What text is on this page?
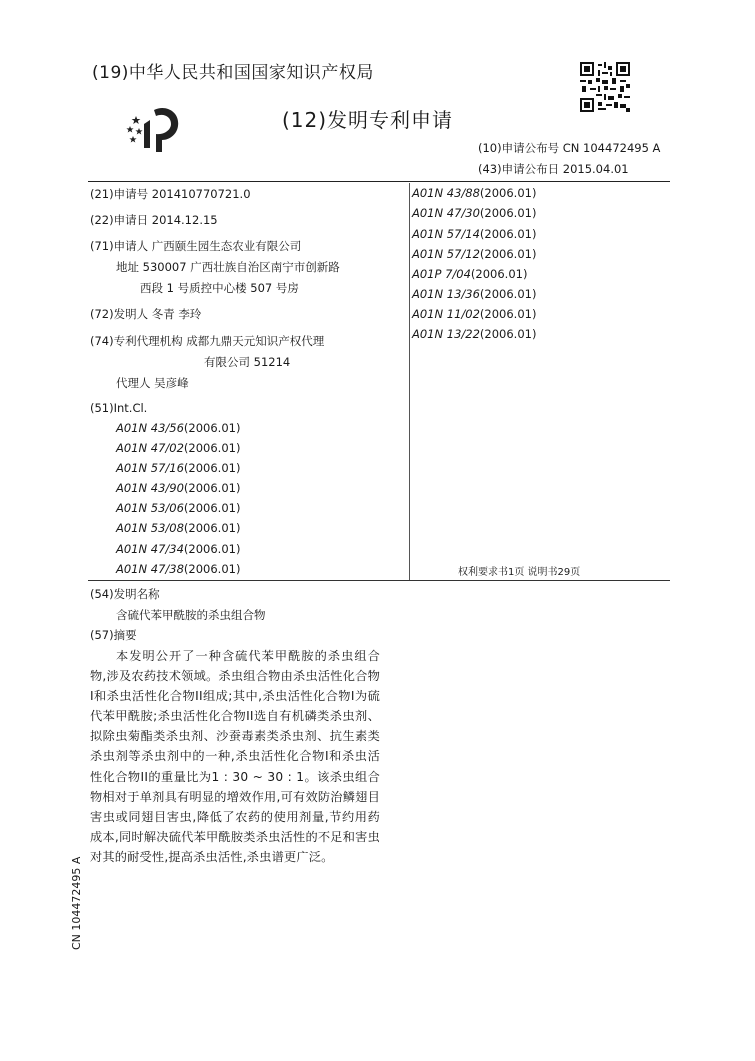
(19)中华人民共和国国家知识产权局
(12)发明专利申请
(10)申请公布号 CN 104472495 A
(43)申请公布日 2015.04.01
(21)申请号 201410770721.0
(22)申请日 2014.12.15
(71)申请人 广西颐生园生态农业有限公司
地址 530007 广西壮族自治区南宁市创新路
西段 1 号质控中心楼 507 号房
(72)发明人 冬青 李玲
(74)专利代理机构 成都九鼎天元知识产权代理
有限公司 51214
代理人 吴彦峰
(51)Int.Cl.
A01N 43/56(2006.01)
A01N 47/02(2006.01)
A01N 57/16(2006.01)
A01N 43/90(2006.01)
A01N 53/06(2006.01)
A01N 53/08(2006.01)
A01N 47/34(2006.01)
A01N 47/38(2006.01)
A01N 43/88(2006.01)
A01N 47/30(2006.01)
A01N 57/14(2006.01)
A01N 57/12(2006.01)
A01P 7/04(2006.01)
A01N 13/36(2006.01)
A01N 11/02(2006.01)
A01N 13/22(2006.01)
权利要求书1页 说明书29页
(54)发明名称
含硫代苯甲酰胺的杀虫组合物
(57)摘要
本发明公开了一种含硫代苯甲酰胺的杀虫组合物,涉及农药技术领域。杀虫组合物由杀虫活性化合物I和杀虫活性化合物II组成;其中,杀虫活性化合物I为硫代苯甲酰胺;杀虫活性化合物II选自有机磷类杀虫剂、拟除虫菊酯类杀虫剂、沙蚕毒素类杀虫剂、抗生素类杀虫剂等杀虫剂中的一种,杀虫活性化合物I和杀虫活性化合物II的重量比为1 : 30 ~ 30 : 1。该杀虫组合物相对于单剂具有明显的增效作用,可有效防治鳞翅目害虫或同翅目害虫,降低了农药的使用剂量,节约用药成本,同时解决硫代苯甲酰胺类杀虫活性的不足和害虫对其的耐受性,提高杀虫活性,杀虫谱更广泛。
CN 104472495 A
